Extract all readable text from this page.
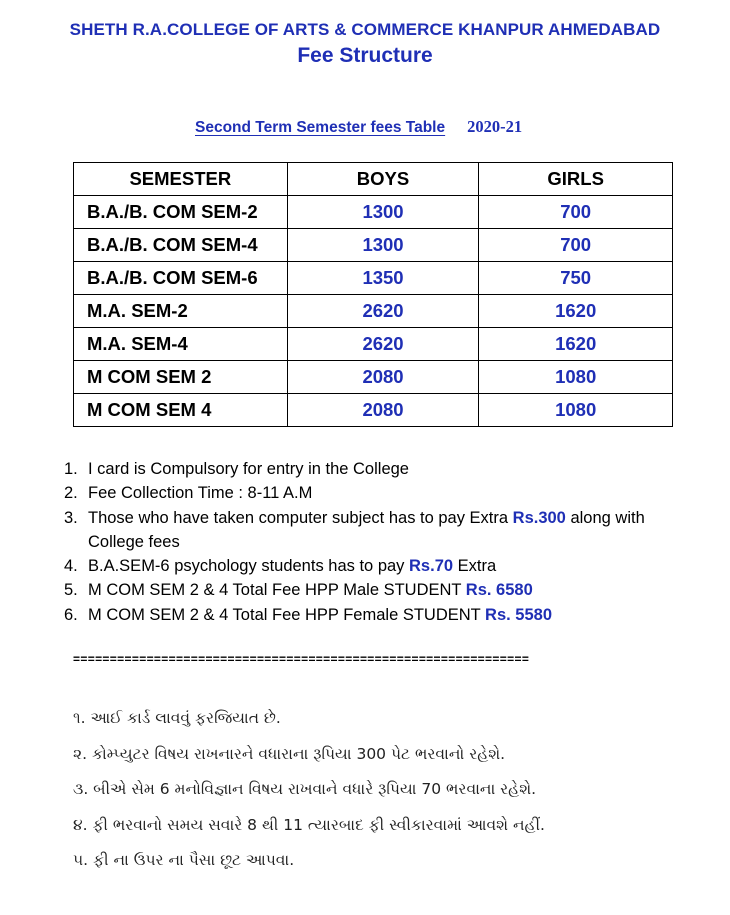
SHETH R.A.COLLEGE OF ARTS & COMMERCE KHANPUR AHMEDABAD
Fee Structure
Second Term Semester fees Table 2020-21
SEMESTER	BOYS	GIRLS
B.A./B. COM SEM-2	1300	700
B.A./B. COM SEM-4	1300	700
B.A./B. COM SEM-6	1350	750
M.A. SEM-2	2620	1620
M.A. SEM-4	2620	1620
M COM SEM 2	2080	1080
M COM SEM 4	2080	1080
1. I card is Compulsory for entry in the College
2. Fee Collection Time : 8-11 A.M
3. Those who have taken computer subject has to pay Extra Rs.300 along with College fees
4. B.A.SEM-6 psychology students has to pay Rs.70 Extra
5. M COM SEM 2 & 4 Total Fee HPP Male STUDENT Rs. 6580
6. M COM SEM 2 & 4 Total Fee HPP Female STUDENT Rs. 5580
==============================================================
૧. આઈ કાર્ડ લાવવું ફરજિયાત છે.
૨. કોમ્પ્યુટર વિષય રાખનારને વધારાના રૂપિયા 300 પેટ ભરવાનો રહેશે.
૩. બીએ સેમ 6 મનોવિજ્ઞાન વિષય રાખવાને વધારે રૂપિયા 70 ભરવાના રહેશે.
૪. ફી ભરવાનો સમય સવારે 8 થી 11 ત્યારબાદ ફી સ્વીકારવામાં આવશે નહીં.
૫. ફી ના ઉપર ના પૈસા છૂટ આપવા.
